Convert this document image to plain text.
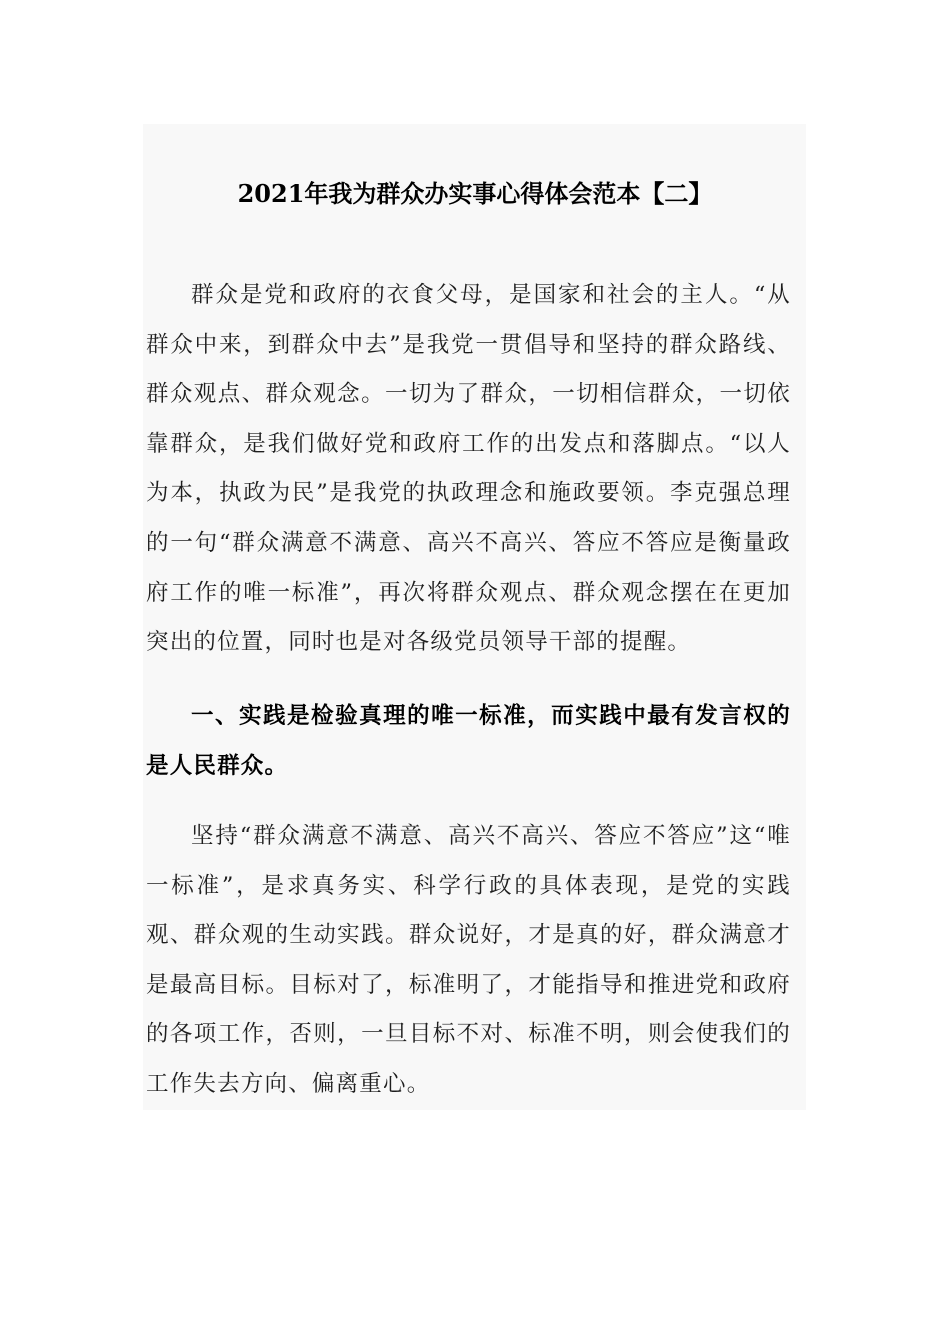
2021年我为群众办实事心得体会范本【二】

群众是党和政府的衣食父母，是国家和社会的主人。“从群众中来，到群众中去”是我党一贯倡导和坚持的群众路线、群众观点、群众观念。一切为了群众，一切相信群众，一切依靠群众，是我们做好党和政府工作的出发点和落脚点。“以人为本，执政为民”是我党的执政理念和施政要领。李克强总理的一句“群众满意不满意、高兴不高兴、答应不答应是衡量政府工作的唯一标准”，再次将群众观点、群众观念摆在在更加突出的位置，同时也是对各级党员领导干部的提醒。

一、实践是检验真理的唯一标准，而实践中最有发言权的是人民群众。

坚持“群众满意不满意、高兴不高兴、答应不答应”这“唯一标准”，是求真务实、科学行政的具体表现，是党的实践观、群众观的生动实践。群众说好，才是真的好，群众满意才是最高目标。目标对了，标准明了，才能指导和推进党和政府的各项工作，否则，一旦目标不对、标准不明，则会使我们的工作失去方向、偏离重心。
